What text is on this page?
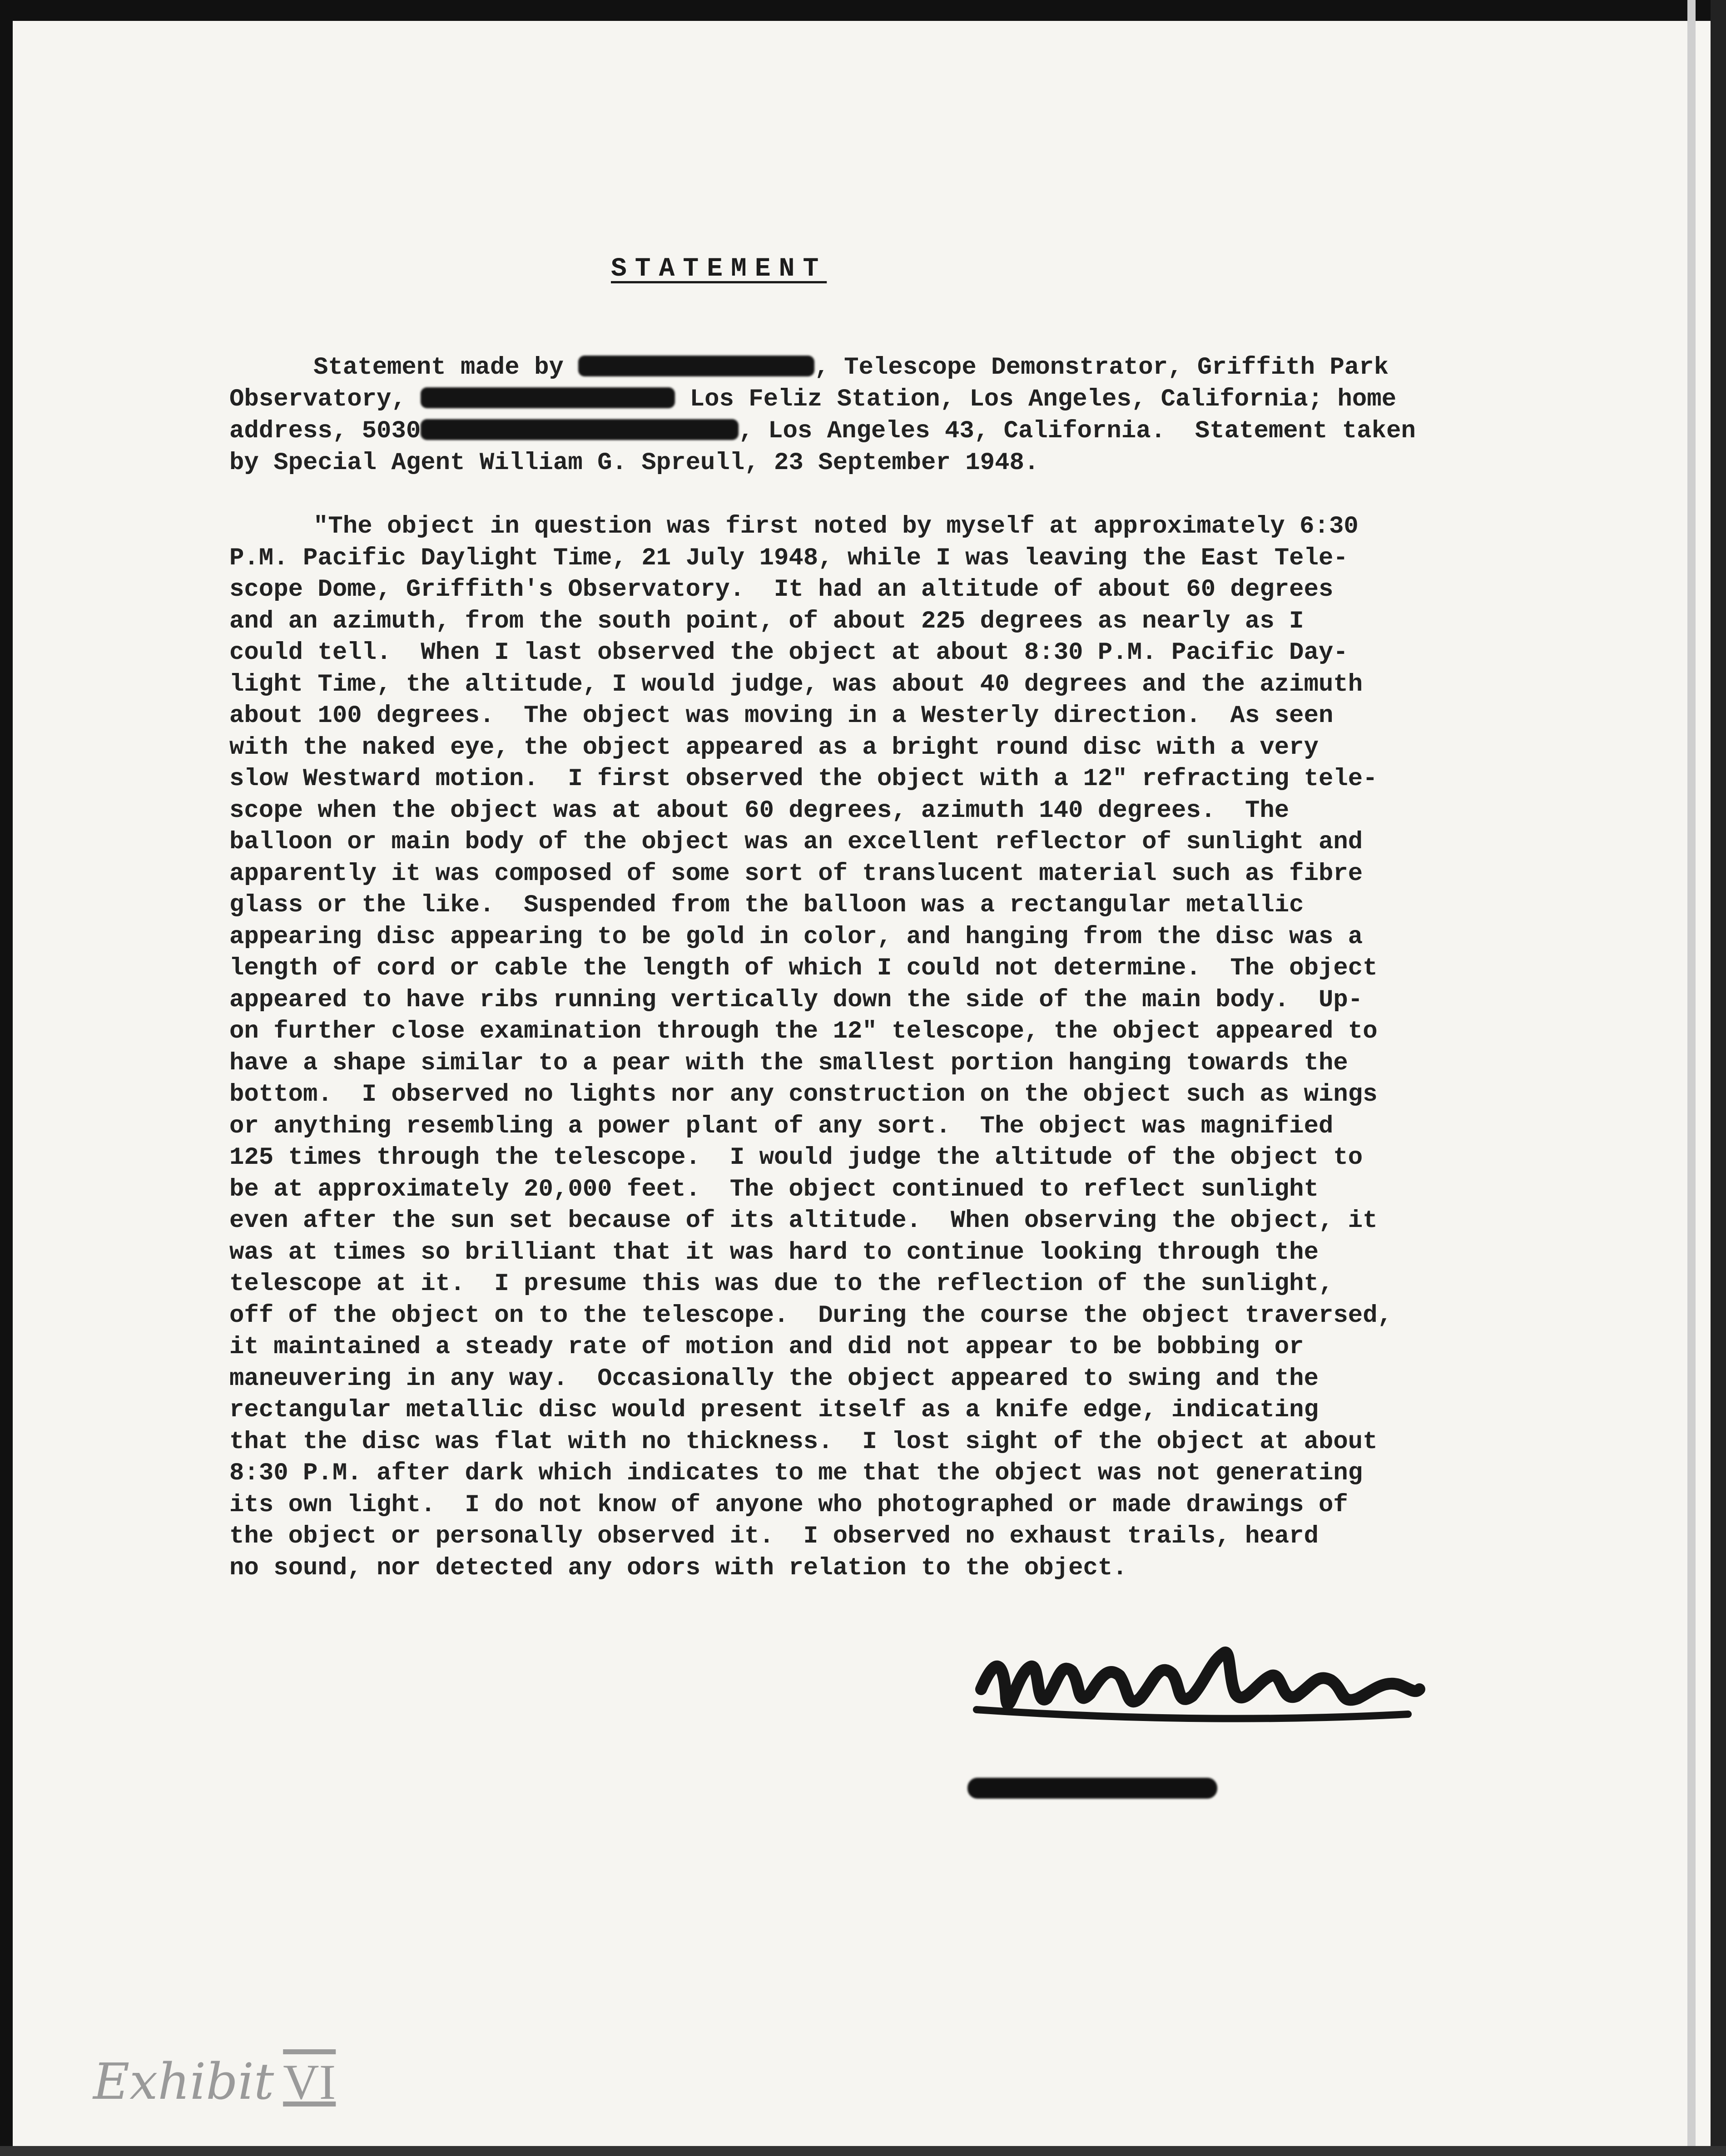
STATEMENT
Statement made by	, Telescope Demonstrator, Griffith Park
Observatory,	Los Feliz Station, Los Angeles, California; home
address, 5030	, Los Angeles 43, California.  Statement taken
by Special Agent William G. Spreull, 23 September 1948.
"The object in question was first noted by myself at approximately 6:30
P.M. Pacific Daylight Time, 21 July 1948, while I was leaving the East Tele-
scope Dome, Griffith's Observatory.  It had an altitude of about 60 degrees
and an azimuth, from the south point, of about 225 degrees as nearly as I
could tell.  When I last observed the object at about 8:30 P.M. Pacific Day-
light Time, the altitude, I would judge, was about 40 degrees and the azimuth
about 100 degrees.  The object was moving in a Westerly direction.  As seen
with the naked eye, the object appeared as a bright round disc with a very
slow Westward motion.  I first observed the object with a 12" refracting tele-
scope when the object was at about 60 degrees, azimuth 140 degrees.  The
balloon or main body of the object was an excellent reflector of sunlight and
apparently it was composed of some sort of translucent material such as fibre
glass or the like.  Suspended from the balloon was a rectangular metallic
appearing disc appearing to be gold in color, and hanging from the disc was a
length of cord or cable the length of which I could not determine.  The object
appeared to have ribs running vertically down the side of the main body.  Up-
on further close examination through the 12" telescope, the object appeared to
have a shape similar to a pear with the smallest portion hanging towards the
bottom.  I observed no lights nor any construction on the object such as wings
or anything resembling a power plant of any sort.  The object was magnified
125 times through the telescope.  I would judge the altitude of the object to
be at approximately 20,000 feet.  The object continued to reflect sunlight
even after the sun set because of its altitude.  When observing the object, it
was at times so brilliant that it was hard to continue looking through the
telescope at it.  I presume this was due to the reflection of the sunlight,
off of the object on to the telescope.  During the course the object traversed,
it maintained a steady rate of motion and did not appear to be bobbing or
maneuvering in any way.  Occasionally the object appeared to swing and the
rectangular metallic disc would present itself as a knife edge, indicating
that the disc was flat with no thickness.  I lost sight of the object at about
8:30 P.M. after dark which indicates to me that the object was not generating
its own light.  I do not know of anyone who photographed or made drawings of
the object or personally observed it.  I observed no exhaust trails, heard
no sound, nor detected any odors with relation to the object.
Exhibit VI
